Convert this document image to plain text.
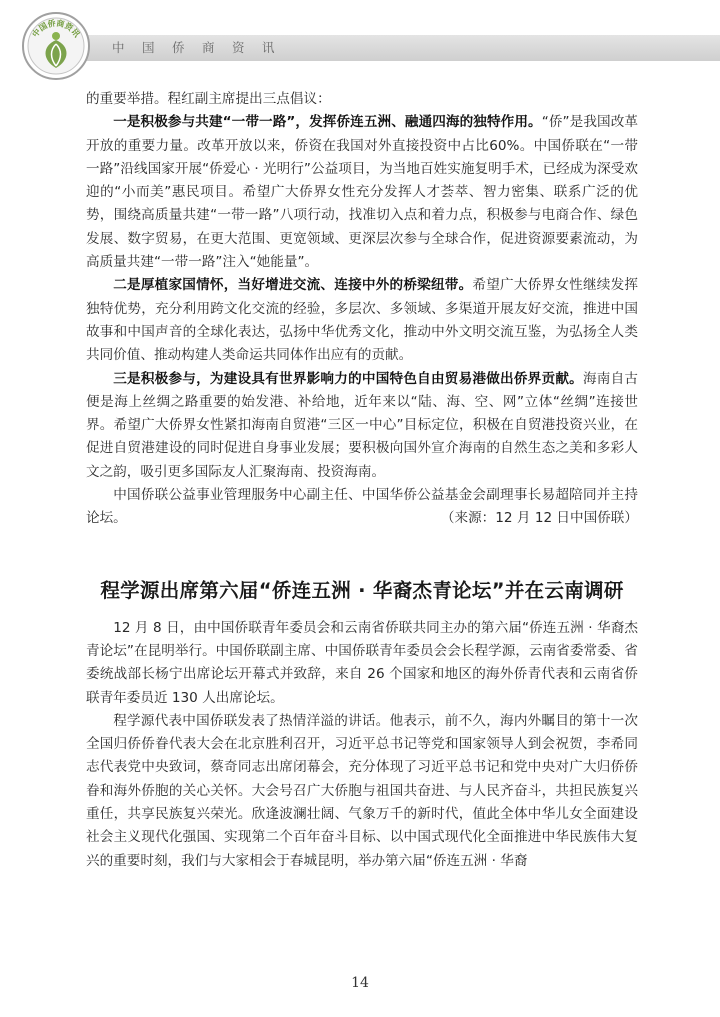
中国侨商资讯
中国侨商资讯

的重要举措。程红副主席提出三点倡议：

一是积极参与共建“一带一路”，发挥侨连五洲、融通四海的独特作用。“侨”是我国改革开放的重要力量。改革开放以来，侨资在我国对外直接投资中占比60%。中国侨联在“一带一路”沿线国家开展“侨爱心 · 光明行”公益项目，为当地百姓实施复明手术，已经成为深受欢迎的“小而美”惠民项目。希望广大侨界女性充分发挥人才荟萃、智力密集、联系广泛的优势，围绕高质量共建“一带一路”八项行动，找准切入点和着力点，积极参与电商合作、绿色发展、数字贸易，在更大范围、更宽领域、更深层次参与全球合作，促进资源要素流动，为高质量共建“一带一路”注入“她能量”。

二是厚植家国情怀，当好增进交流、连接中外的桥梁纽带。希望广大侨界女性继续发挥独特优势，充分利用跨文化交流的经验，多层次、多领域、多渠道开展友好交流，推进中国故事和中国声音的全球化表达，弘扬中华优秀文化，推动中外文明交流互鉴，为弘扬全人类共同价值、推动构建人类命运共同体作出应有的贡献。

三是积极参与，为建设具有世界影响力的中国特色自由贸易港做出侨界贡献。海南自古便是海上丝绸之路重要的始发港、补给地，近年来以“陆、海、空、网”立体“丝绸”连接世界。希望广大侨界女性紧扣海南自贸港“三区一中心”目标定位，积极在自贸港投资兴业，在促进自贸港建设的同时促进自身事业发展；要积极向国外宣介海南的自然生态之美和多彩人文之韵，吸引更多国际友人汇聚海南、投资海南。

中国侨联公益事业管理服务中心副主任、中国华侨公益基金会副理事长易超陪同并主持论坛。	（来源：12 月 12 日中国侨联）

程学源出席第六届“侨连五洲 · 华裔杰青论坛”并在云南调研

12 月 8 日，由中国侨联青年委员会和云南省侨联共同主办的第六届“侨连五洲 · 华裔杰青论坛”在昆明举行。中国侨联副主席、中国侨联青年委员会会长程学源，云南省委常委、省委统战部长杨宁出席论坛开幕式并致辞，来自 26 个国家和地区的海外侨青代表和云南省侨联青年委员近 130 人出席论坛。

程学源代表中国侨联发表了热情洋溢的讲话。他表示，前不久，海内外瞩目的第十一次全国归侨侨眷代表大会在北京胜利召开，习近平总书记等党和国家领导人到会祝贺，李希同志代表党中央致词，蔡奇同志出席闭幕会，充分体现了习近平总书记和党中央对广大归侨侨眷和海外侨胞的关心关怀。大会号召广大侨胞与祖国共奋进、与人民齐奋斗，共担民族复兴重任，共享民族复兴荣光。欣逢波澜壮阔、气象万千的新时代，值此全体中华儿女全面建设社会主义现代化强国、实现第二个百年奋斗目标、以中国式现代化全面推进中华民族伟大复兴的重要时刻，我们与大家相会于春城昆明，举办第六届“侨连五洲 · 华裔

14
